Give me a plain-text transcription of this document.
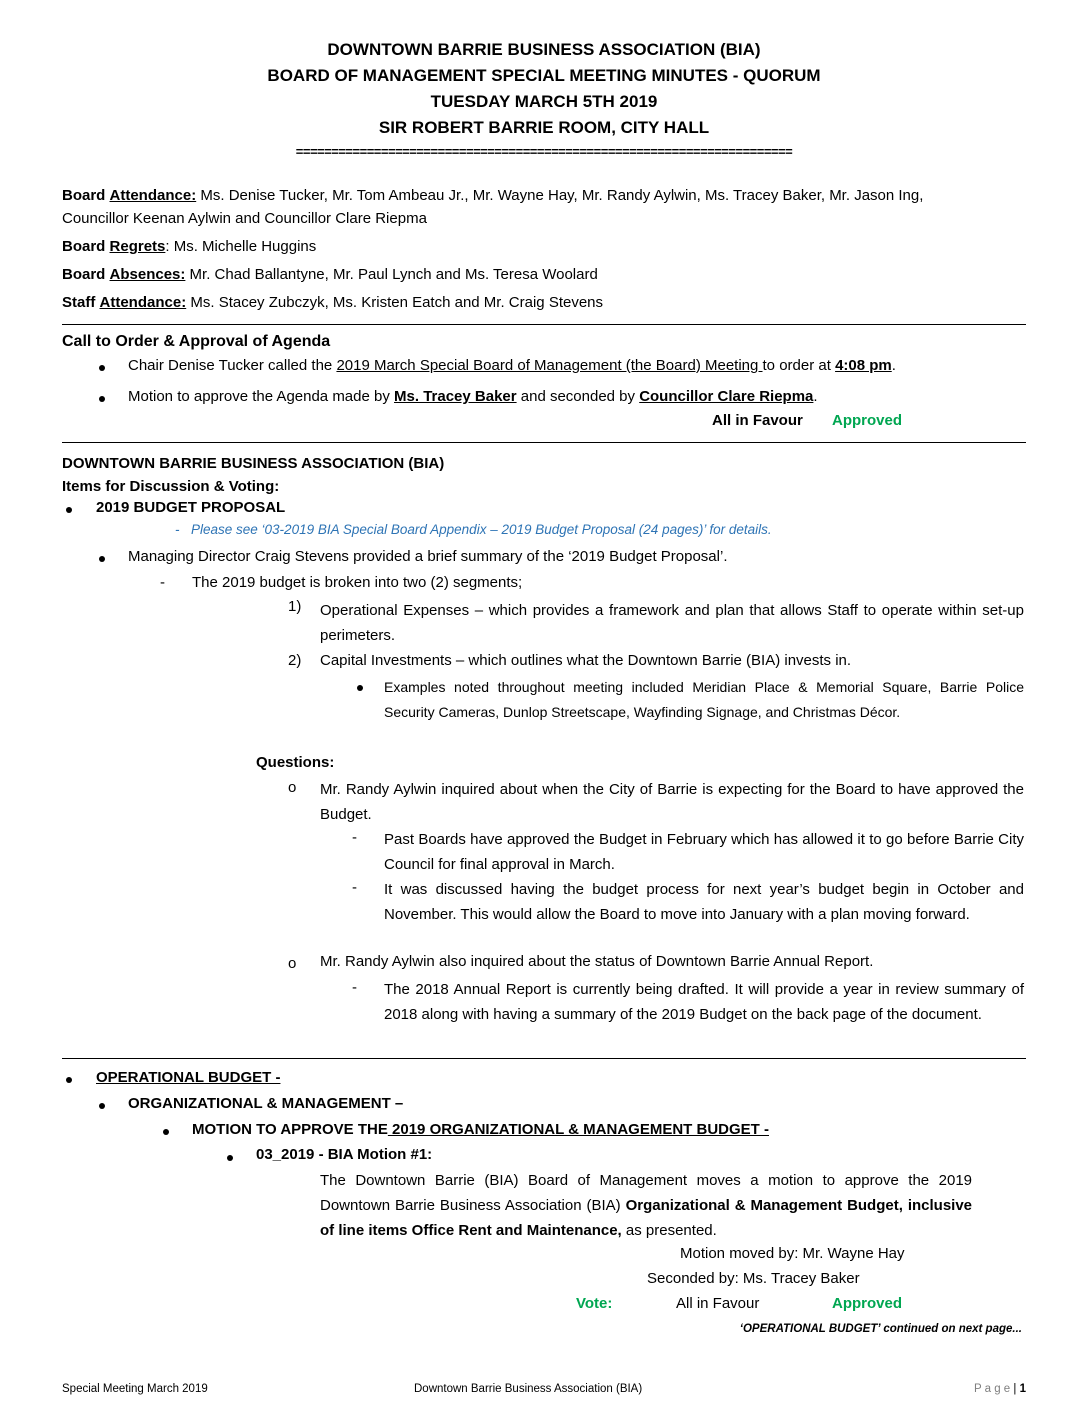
DOWNTOWN BARRIE BUSINESS ASSOCIATION (BIA)
BOARD OF MANAGEMENT SPECIAL MEETING MINUTES - QUORUM
TUESDAY MARCH 5TH 2019
SIR ROBERT BARRIE ROOM, CITY HALL
======================================================================
Board Attendance: Ms. Denise Tucker, Mr. Tom Ambeau Jr., Mr. Wayne Hay, Mr. Randy Aylwin, Ms. Tracey Baker, Mr. Jason Ing,
Councillor Keenan Aylwin and Councillor Clare Riepma
Board Regrets: Ms. Michelle Huggins
Board Absences: Mr. Chad Ballantyne, Mr. Paul Lynch and Ms. Teresa Woolard
Staff Attendance: Ms. Stacey Zubczyk, Ms. Kristen Eatch and Mr. Craig Stevens
Call to Order & Approval of Agenda
Chair Denise Tucker called the 2019 March Special Board of Management (the Board) Meeting to order at 4:08 pm.
Motion to approve the Agenda made by Ms. Tracey Baker and seconded by Councillor Clare Riepma.
All in Favour Approved
DOWNTOWN BARRIE BUSINESS ASSOCIATION (BIA)
Items for Discussion & Voting:
2019 BUDGET PROPOSAL
- Please see ‘03-2019 BIA Special Board Appendix – 2019 Budget Proposal (24 pages)’ for details.
Managing Director Craig Stevens provided a brief summary of the ‘2019 Budget Proposal’.
- The 2019 budget is broken into two (2) segments;
1) Operational Expenses – which provides a framework and plan that allows Staff to operate within set-up perimeters.
2) Capital Investments – which outlines what the Downtown Barrie (BIA) invests in.
Examples noted throughout meeting included Meridian Place & Memorial Square, Barrie Police Security Cameras, Dunlop Streetscape, Wayfinding Signage, and Christmas Décor.
Questions:
o Mr. Randy Aylwin inquired about when the City of Barrie is expecting for the Board to have approved the Budget.
- Past Boards have approved the Budget in February which has allowed it to go before Barrie City Council for final approval in March.
- It was discussed having the budget process for next year’s budget begin in October and November. This would allow the Board to move into January with a plan moving forward.
o Mr. Randy Aylwin also inquired about the status of Downtown Barrie Annual Report.
- The 2018 Annual Report is currently being drafted. It will provide a year in review summary of 2018 along with having a summary of the 2019 Budget on the back page of the document.
OPERATIONAL BUDGET -
ORGANIZATIONAL & MANAGEMENT –
MOTION TO APPROVE THE 2019 ORGANIZATIONAL & MANAGEMENT BUDGET -
03_2019 - BIA Motion #1:
The Downtown Barrie (BIA) Board of Management moves a motion to approve the 2019 Downtown Barrie Business Association (BIA) Organizational & Management Budget, inclusive of line items Office Rent and Maintenance, as presented.
Motion moved by: Mr. Wayne Hay
Seconded by: Ms. Tracey Baker
Vote:	All in Favour	Approved
‘OPERATIONAL BUDGET’ continued on next page...
Special Meeting March 2019	Downtown Barrie Business Association (BIA)	P a g e | 1
